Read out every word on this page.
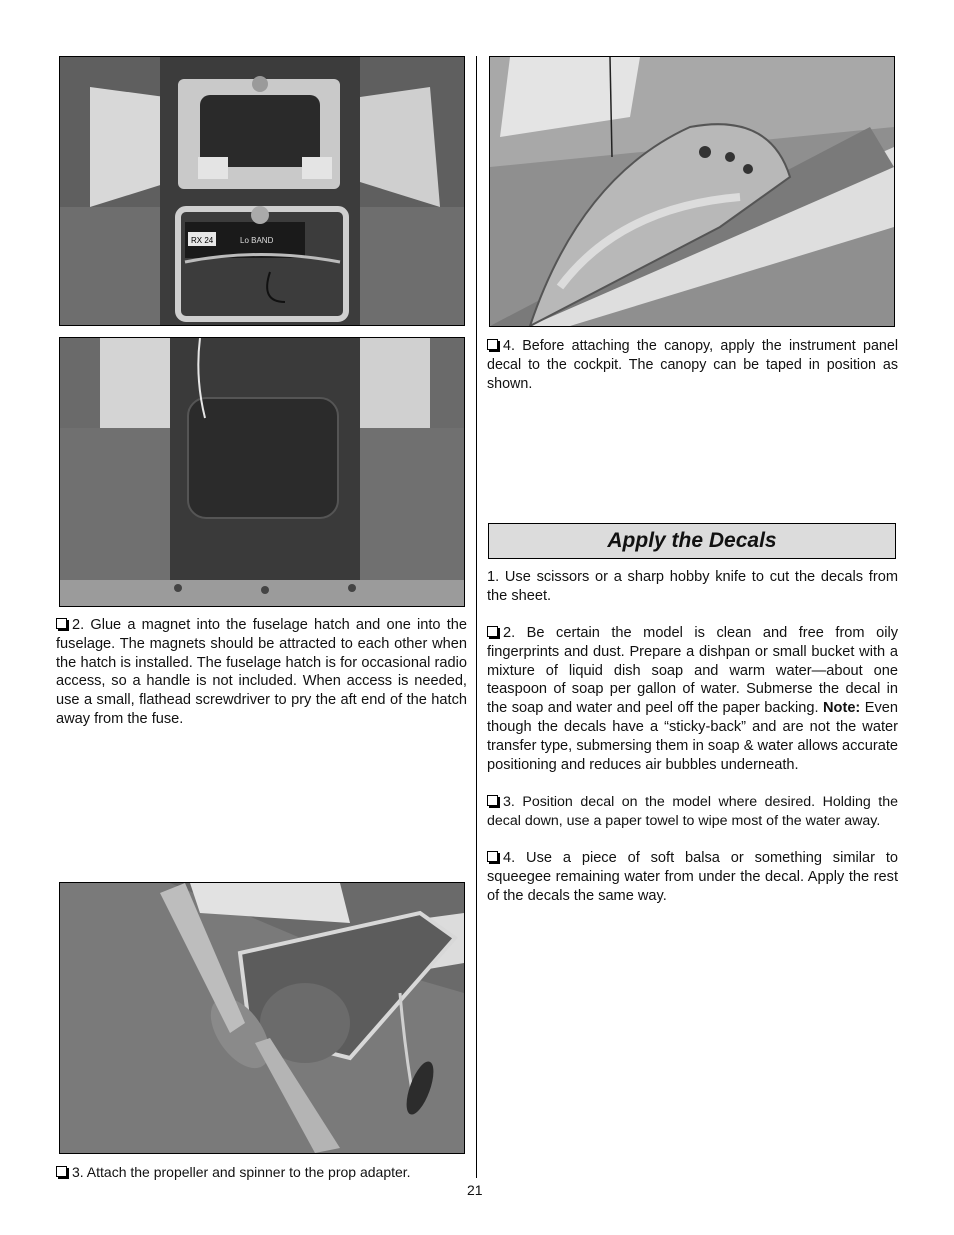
RX 24	Lo BAND
2. Glue a magnet into the fuselage hatch and one into the fuselage. The magnets should be attracted to each other when the hatch is installed. The fuselage hatch is for occasional radio access, so a handle is not included. When access is needed, use a small, flathead screwdriver to pry the aft end of the hatch away from the fuse.
3. Attach the propeller and spinner to the prop adapter.
4. Before attaching the canopy, apply the instrument panel decal to the cockpit. The canopy can be taped in position as shown.
Apply the Decals
1. Use scissors or a sharp hobby knife to cut the decals from the sheet.
2. Be certain the model is clean and free from oily fingerprints and dust. Prepare a dishpan or small bucket with a mixture of liquid dish soap and warm water—about one teaspoon of soap per gallon of water. Submerse the decal in the soap and water and peel off the paper backing. Note: Even though the decals have a “sticky-back” and are not the water transfer type, submersing them in soap & water allows accurate positioning and reduces air bubbles underneath.
3. Position decal on the model where desired. Holding the decal down, use a paper towel to wipe most of the water away.
4. Use a piece of soft balsa or something similar to squeegee remaining water from under the decal. Apply the rest of the decals the same way.
21
